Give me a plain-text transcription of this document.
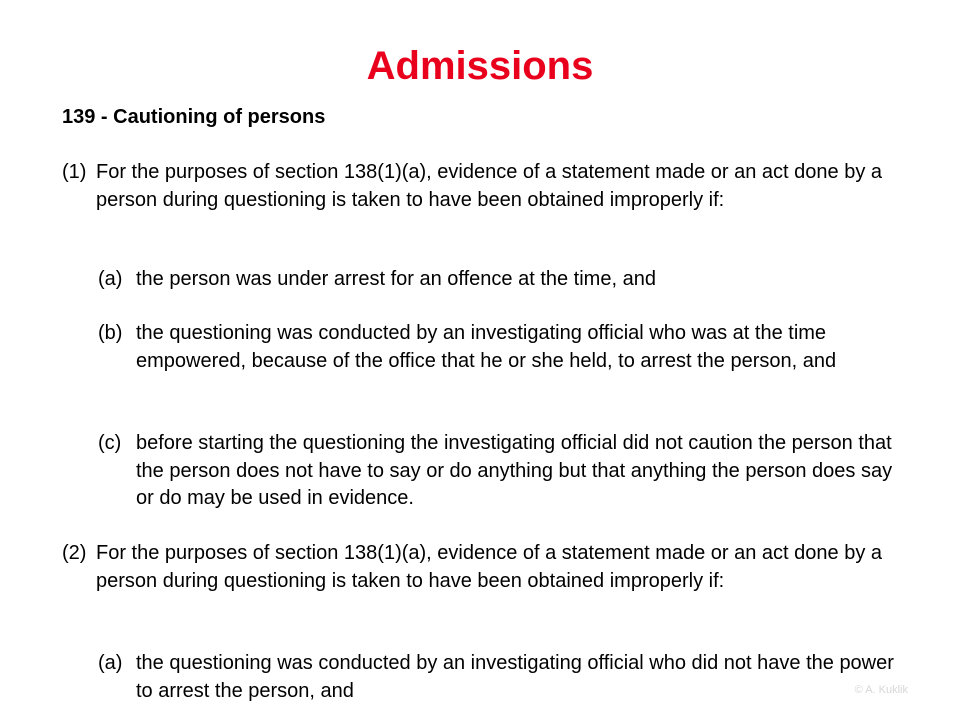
Admissions
139 - Cautioning of persons
(1) For the purposes of section 138(1)(a), evidence of a statement made or an act done by a person during questioning is taken to have been obtained improperly if:
(a) the person was under arrest for an offence at the time, and
(b) the questioning was conducted by an investigating official who was at the time empowered, because of the office that he or she held, to arrest the person, and
(c) before starting the questioning the investigating official did not caution the person that the person does not have to say or do anything but that anything the person does say or do may be used in evidence.
(2) For the purposes of section 138(1)(a), evidence of a statement made or an act done by a person during questioning is taken to have been obtained improperly if:
(a) the questioning was conducted by an investigating official who did not have the power to arrest the person, and	© A. Kuklik
